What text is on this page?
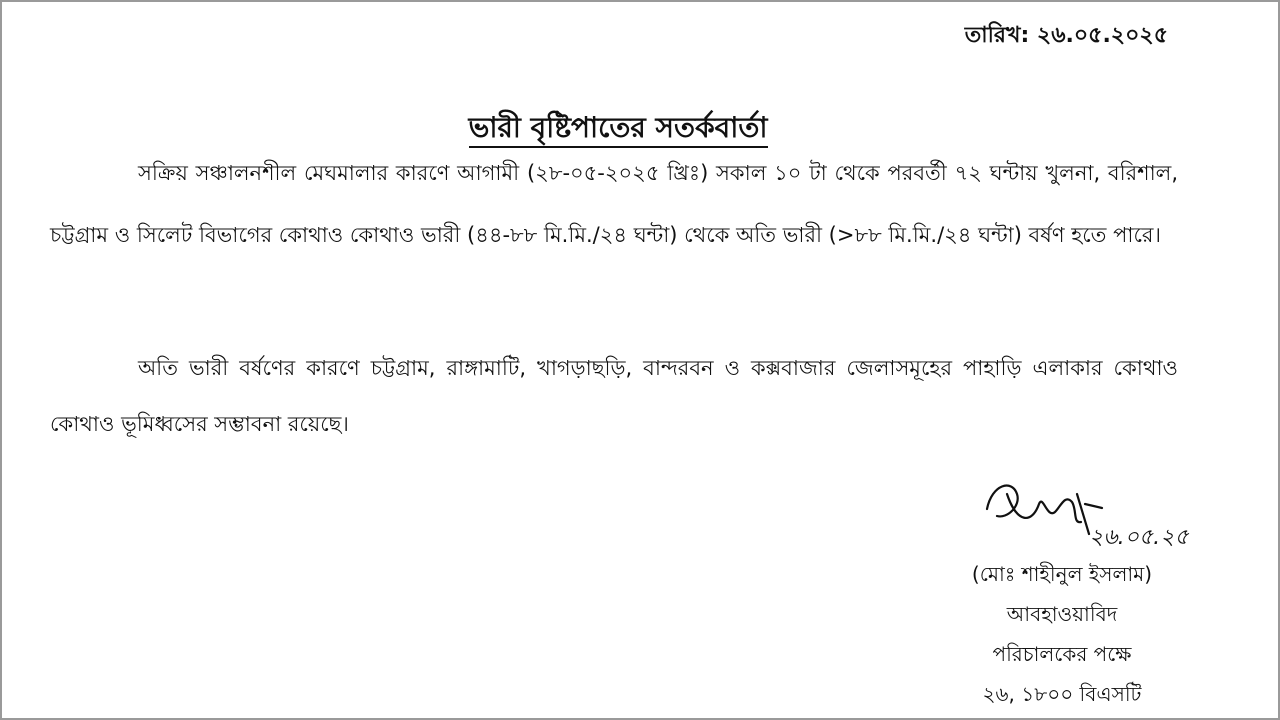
তারিখ: ২৬.০৫.২০২৫
ভারী বৃষ্টিপাতের সতর্কবার্তা

সক্রিয় সঞ্চালনশীল মেঘমালার কারণে আগামী (২৮-০৫-২০২৫ খ্রিঃ) সকাল ১০ টা থেকে পরবর্তী ৭২ ঘন্টায় খুলনা, বরিশাল, চট্টগ্রাম ও সিলেট বিভাগের কোথাও কোথাও ভারী (৪৪-৮৮ মি.মি./২৪ ঘন্টা) থেকে অতি ভারী (>৮৮ মি.মি./২৪ ঘন্টা) বর্ষণ হতে পারে।

অতি ভারী বর্ষণের কারণে চট্টগ্রাম, রাঙ্গামাটি, খাগড়াছড়ি, বান্দরবন ও কক্সবাজার জেলাসমূহের পাহাড়ি এলাকার কোথাও কোথাও ভূমিধ্বসের সম্ভাবনা রয়েছে।

২৬.০৫.২৫
(মোঃ শাহীনুল ইসলাম)
আবহাওয়াবিদ
পরিচালকের পক্ষে
২৬, ১৮০০ বিএসটি
